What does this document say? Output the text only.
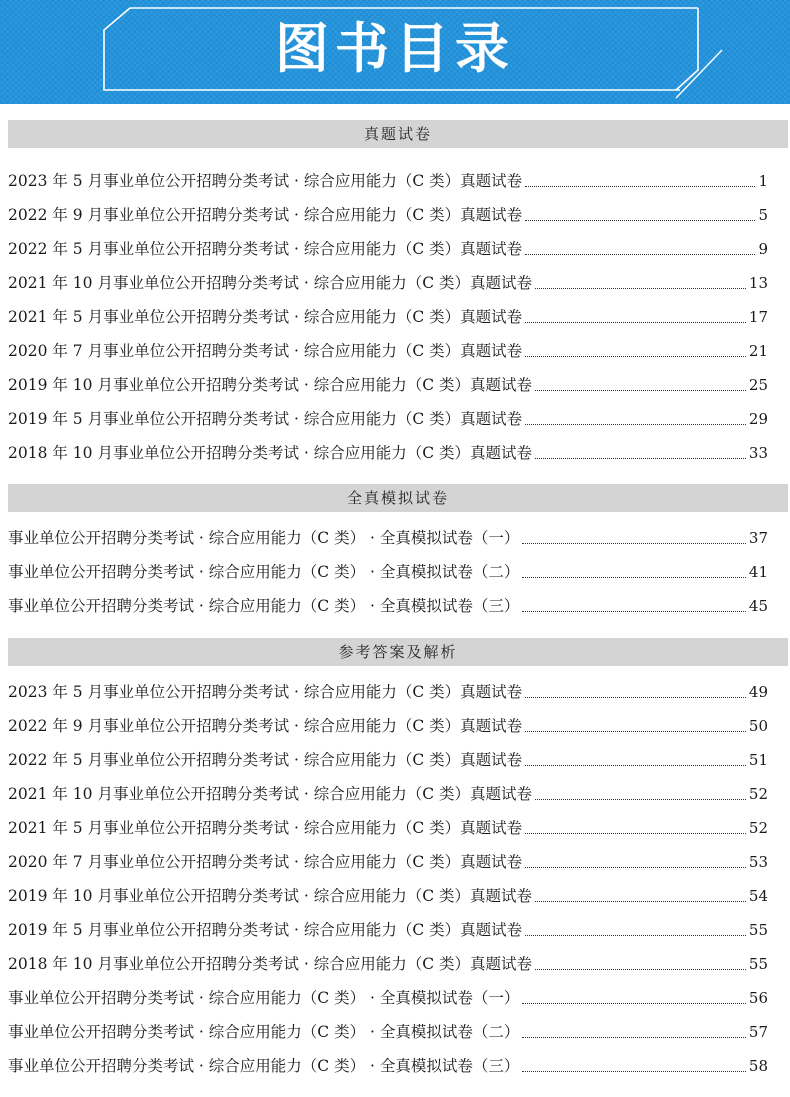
图书目录
真题试卷
2023 年 5 月事业单位公开招聘分类考试 · 综合应用能力（C 类）真题试卷	1
2022 年 9 月事业单位公开招聘分类考试 · 综合应用能力（C 类）真题试卷	5
2022 年 5 月事业单位公开招聘分类考试 · 综合应用能力（C 类）真题试卷	9
2021 年 10 月事业单位公开招聘分类考试 · 综合应用能力（C 类）真题试卷	13
2021 年 5 月事业单位公开招聘分类考试 · 综合应用能力（C 类）真题试卷	17
2020 年 7 月事业单位公开招聘分类考试 · 综合应用能力（C 类）真题试卷	21
2019 年 10 月事业单位公开招聘分类考试 · 综合应用能力（C 类）真题试卷	25
2019 年 5 月事业单位公开招聘分类考试 · 综合应用能力（C 类）真题试卷	29
2018 年 10 月事业单位公开招聘分类考试 · 综合应用能力（C 类）真题试卷	33
全真模拟试卷
事业单位公开招聘分类考试 · 综合应用能力（C 类） · 全真模拟试卷（一）	37
事业单位公开招聘分类考试 · 综合应用能力（C 类） · 全真模拟试卷（二）	41
事业单位公开招聘分类考试 · 综合应用能力（C 类） · 全真模拟试卷（三）	45
参考答案及解析
2023 年 5 月事业单位公开招聘分类考试 · 综合应用能力（C 类）真题试卷	49
2022 年 9 月事业单位公开招聘分类考试 · 综合应用能力（C 类）真题试卷	50
2022 年 5 月事业单位公开招聘分类考试 · 综合应用能力（C 类）真题试卷	51
2021 年 10 月事业单位公开招聘分类考试 · 综合应用能力（C 类）真题试卷	52
2021 年 5 月事业单位公开招聘分类考试 · 综合应用能力（C 类）真题试卷	52
2020 年 7 月事业单位公开招聘分类考试 · 综合应用能力（C 类）真题试卷	53
2019 年 10 月事业单位公开招聘分类考试 · 综合应用能力（C 类）真题试卷	54
2019 年 5 月事业单位公开招聘分类考试 · 综合应用能力（C 类）真题试卷	55
2018 年 10 月事业单位公开招聘分类考试 · 综合应用能力（C 类）真题试卷	55
事业单位公开招聘分类考试 · 综合应用能力（C 类） · 全真模拟试卷（一）	56
事业单位公开招聘分类考试 · 综合应用能力（C 类） · 全真模拟试卷（二）	57
事业单位公开招聘分类考试 · 综合应用能力（C 类） · 全真模拟试卷（三）	58
